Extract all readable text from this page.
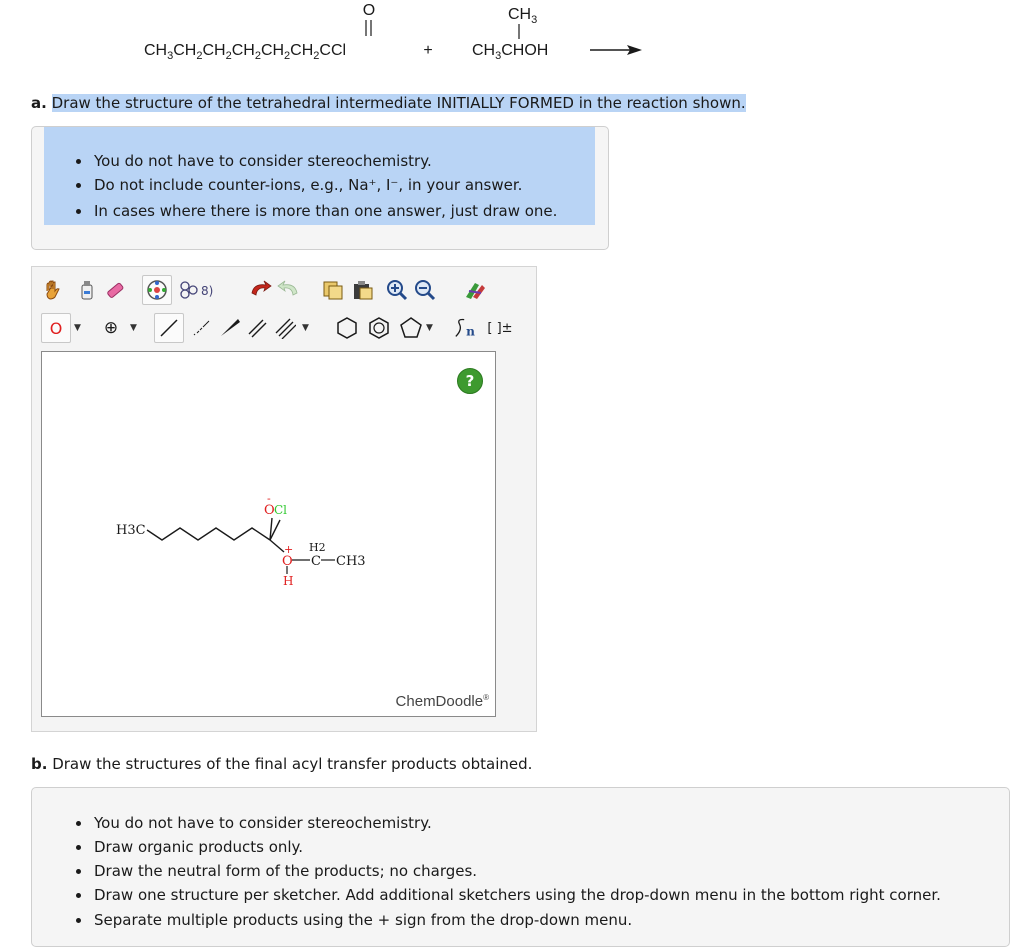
O
$CH_3CH_2CH_2CH_2CH_2CH_2CCl$	+
$CH_3$
$CH_3CHOH$
a. Draw the structure of the tetrahedral intermediate INITIALLY FORMED in the reaction shown.
You do not have to consider stereochemistry.
Do not include counter-ions, e.g., Na⁺, I⁻, in your answer.
In cases where there is more than one answer, just draw one.
8)
O ▼ ⊕ ▼	▼	▼	n [ ]±
?
H3C
O
-
Cl
O
+
H
H2
C CH3
ChemDoodle®
b. Draw the structures of the final acyl transfer products obtained.
You do not have to consider stereochemistry.
Draw organic products only.
Draw the neutral form of the products; no charges.
Draw one structure per sketcher. Add additional sketchers using the drop-down menu in the bottom right corner.
Separate multiple products using the + sign from the drop-down menu.
